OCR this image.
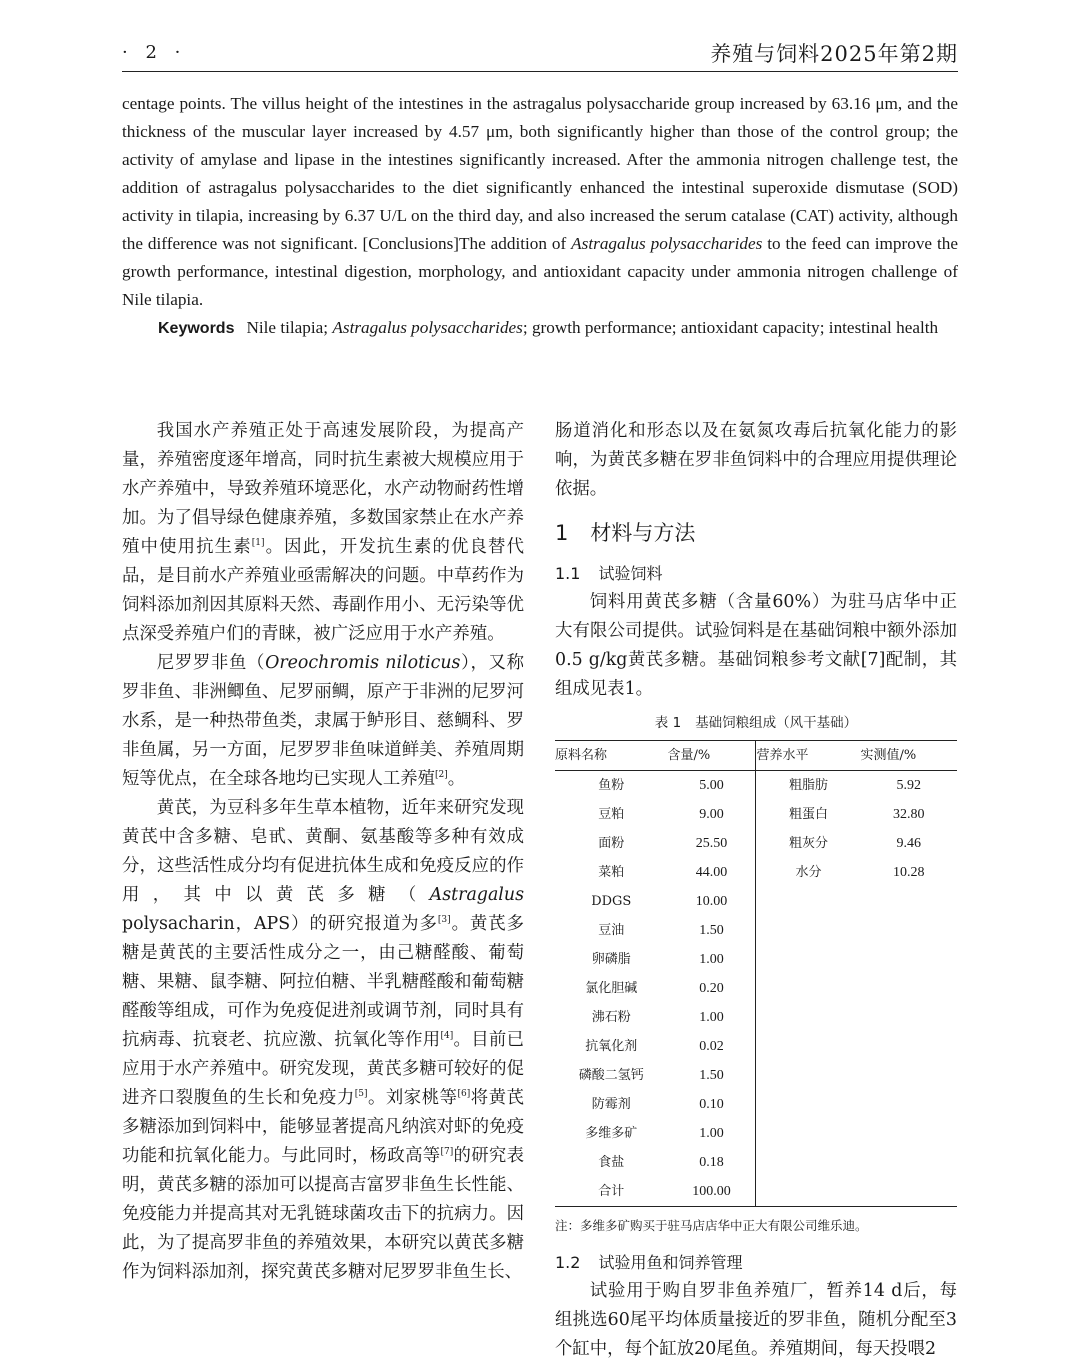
· 2 ·	养殖与饲料2025年第2期

centage points. The villus height of the intestines in the astragalus polysaccharide group increased by 63.16 μm, and the thickness of the muscular layer increased by 4.57 μm, both significantly higher than those of the control group; the activity of amylase and lipase in the intestines significantly increased. After the ammonia nitrogen challenge test, the addition of astragalus polysaccharides to the diet significantly enhanced the intestinal superoxide dismutase (SOD) activity in tilapia, increasing by 6.37 U/L on the third day, and also increased the serum catalase (CAT) activity, although the difference was not significant. [Conclusions]The addition of Astragalus polysaccharides to the feed can improve the growth performance, intestinal digestion, morphology, and antioxidant capacity under ammonia nitrogen challenge of Nile tilapia.

Keywords Nile tilapia; Astragalus polysaccharides; growth performance; antioxidant capacity; intestinal health

我国水产养殖正处于高速发展阶段，为提高产量，养殖密度逐年增高，同时抗生素被大规模应用于水产养殖中，导致养殖环境恶化，水产动物耐药性增加。为了倡导绿色健康养殖，多数国家禁止在水产养殖中使用抗生素[1]。因此，开发抗生素的优良替代品，是目前水产养殖业亟需解决的问题。中草药作为饲料添加剂因其原料天然、毒副作用小、无污染等优点深受养殖户们的青睐，被广泛应用于水产养殖。

尼罗罗非鱼（Oreochromis niloticus），又称罗非鱼、非洲鲫鱼、尼罗丽鲷，原产于非洲的尼罗河水系，是一种热带鱼类，隶属于鲈形目、慈鲷科、罗非鱼属，另一方面，尼罗罗非鱼味道鲜美、养殖周期短等优点，在全球各地均已实现人工养殖[2]。

黄芪，为豆科多年生草本植物，近年来研究发现黄芪中含多糖、皂甙、黄酮、氨基酸等多种有效成分，这些活性成分均有促进抗体生成和免疫反应的作用，其中以黄芪多糖（Astragalus polysacharin，APS）的研究报道为多[3]。黄芪多糖是黄芪的主要活性成分之一，由己糖醛酸、葡萄糖、果糖、鼠李糖、阿拉伯糖、半乳糖醛酸和葡萄糖醛酸等组成，可作为免疫促进剂或调节剂，同时具有抗病毒、抗衰老、抗应激、抗氧化等作用[4]。目前已应用于水产养殖中。研究发现，黄芪多糖可较好的促进齐口裂腹鱼的生长和免疫力[5]。刘家桃等[6]将黄芪多糖添加到饲料中，能够显著提高凡纳滨对虾的免疫功能和抗氧化能力。与此同时，杨政高等[7]的研究表明，黄芪多糖的添加可以提高吉富罗非鱼生长性能、免疫能力并提高其对无乳链球菌攻击下的抗病力。因此，为了提高罗非鱼的养殖效果，本研究以黄芪多糖作为饲料添加剂，探究黄芪多糖对尼罗罗非鱼生长、

肠道消化和形态以及在氨氮攻毒后抗氧化能力的影响，为黄芪多糖在罗非鱼饲料中的合理应用提供理论依据。

1 材料与方法
1.1 试验饲料

饲料用黄芪多糖（含量60%）为驻马店华中正大有限公司提供。试验饲料是在基础饲粮中额外添加0.5 g/kg黄芪多糖。基础饲粮参考文献[7]配制，其组成见表1。

表 1 基础饲粮组成（风干基础）
原料名称	含量/%	营养水平	实测值/%
鱼粉	5.00	粗脂肪	5.92
豆粕	9.00	粗蛋白	32.80
面粉	25.50	粗灰分	9.46
菜粕	44.00	水分	10.28
DDGS	10.00		
豆油	1.50		
卵磷脂	1.00		
氯化胆碱	0.20		
沸石粉	1.00		
抗氧化剂	0.02		
磷酸二氢钙	1.50		
防霉剂	0.10		
多维多矿	1.00		
食盐	0.18		
合计	100.00		
注：多维多矿购买于驻马店店华中正大有限公司维乐迪。
1.2 试验用鱼和饲养管理

试验用于购自罗非鱼养殖厂，暂养14 d后，每组挑选60尾平均体质量接近的罗非鱼，随机分配至3个缸中，每个缸放20尾鱼。养殖期间，每天投喂2
